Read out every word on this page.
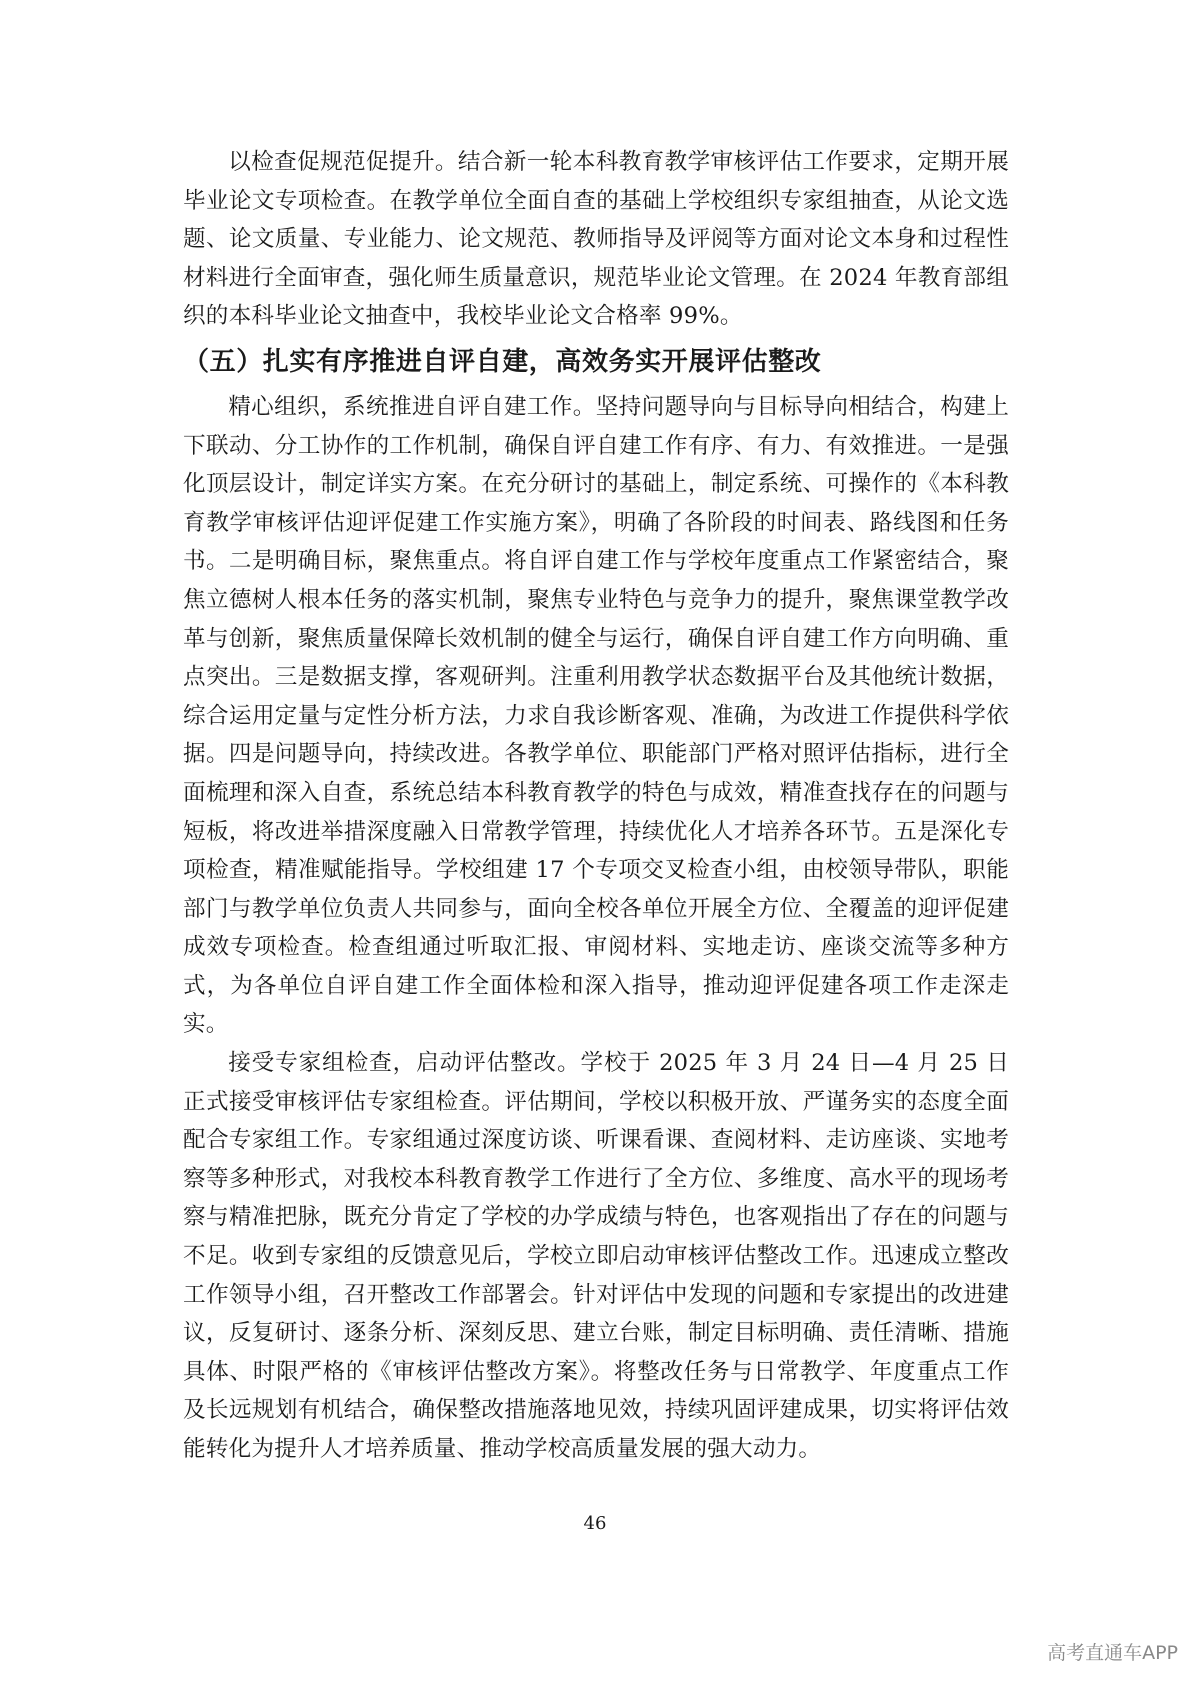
以检查促规范促提升。结合新一轮本科教育教学审核评估工作要求，定期开展毕业论文专项检查。在教学单位全面自查的基础上学校组织专家组抽查，从论文选题、论文质量、专业能力、论文规范、教师指导及评阅等方面对论文本身和过程性材料进行全面审查，强化师生质量意识，规范毕业论文管理。在 2024 年教育部组织的本科毕业论文抽查中，我校毕业论文合格率 99%。

（五）扎实有序推进自评自建，高效务实开展评估整改

精心组织，系统推进自评自建工作。坚持问题导向与目标导向相结合，构建上下联动、分工协作的工作机制，确保自评自建工作有序、有力、有效推进。一是强化顶层设计，制定详实方案。在充分研讨的基础上，制定系统、可操作的《本科教育教学审核评估迎评促建工作实施方案》，明确了各阶段的时间表、路线图和任务书。二是明确目标，聚焦重点。将自评自建工作与学校年度重点工作紧密结合，聚焦立德树人根本任务的落实机制，聚焦专业特色与竞争力的提升，聚焦课堂教学改革与创新，聚焦质量保障长效机制的健全与运行，确保自评自建工作方向明确、重点突出。三是数据支撑，客观研判。注重利用教学状态数据平台及其他统计数据，综合运用定量与定性分析方法，力求自我诊断客观、准确，为改进工作提供科学依据。四是问题导向，持续改进。各教学单位、职能部门严格对照评估指标，进行全面梳理和深入自查，系统总结本科教育教学的特色与成效，精准查找存在的问题与短板，将改进举措深度融入日常教学管理，持续优化人才培养各环节。五是深化专项检查，精准赋能指导。学校组建 17 个专项交叉检查小组，由校领导带队，职能部门与教学单位负责人共同参与，面向全校各单位开展全方位、全覆盖的迎评促建成效专项检查。检查组通过听取汇报、审阅材料、实地走访、座谈交流等多种方式，为各单位自评自建工作全面体检和深入指导，推动迎评促建各项工作走深走实。

接受专家组检查，启动评估整改。学校于 2025 年 3 月 24 日—4 月 25 日正式接受审核评估专家组检查。评估期间，学校以积极开放、严谨务实的态度全面配合专家组工作。专家组通过深度访谈、听课看课、查阅材料、走访座谈、实地考察等多种形式，对我校本科教育教学工作进行了全方位、多维度、高水平的现场考察与精准把脉，既充分肯定了学校的办学成绩与特色，也客观指出了存在的问题与不足。收到专家组的反馈意见后，学校立即启动审核评估整改工作。迅速成立整改工作领导小组，召开整改工作部署会。针对评估中发现的问题和专家提出的改进建议，反复研讨、逐条分析、深刻反思、建立台账，制定目标明确、责任清晰、措施具体、时限严格的《审核评估整改方案》。将整改任务与日常教学、年度重点工作及长远规划有机结合，确保整改措施落地见效，持续巩固评建成果，切实将评估效能转化为提升人才培养质量、推动学校高质量发展的强大动力。

46
高考直通车APP
